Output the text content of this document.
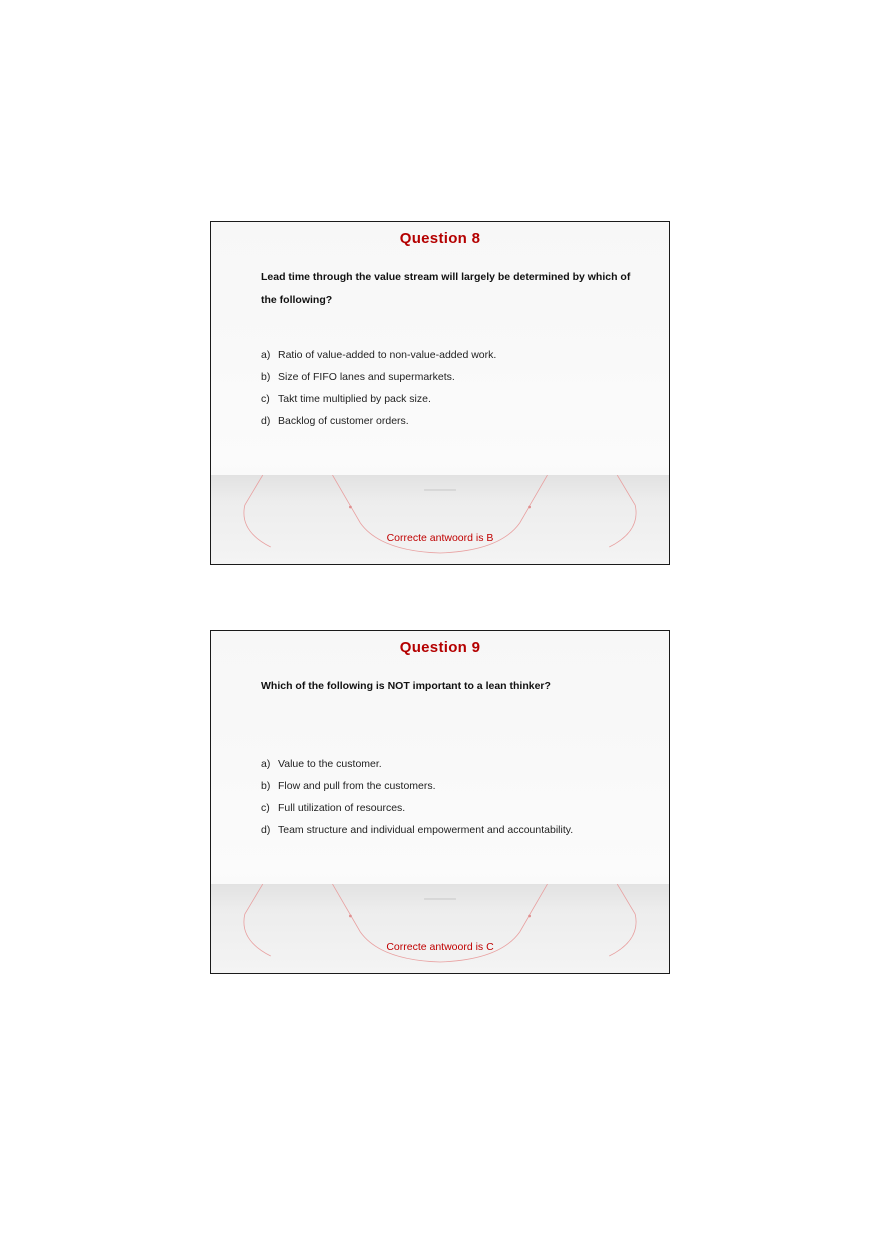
Question 8
Lead time through the value stream will largely be determined by which of the following?
a) Ratio of value-added to non-value-added work.
b) Size of FIFO lanes and supermarkets.
c) Takt time multiplied by pack size.
d) Backlog of customer orders.
Correcte antwoord is B
Question 9
Which of the following is NOT important to a lean thinker?
a) Value to the customer.
b) Flow and pull from the customers.
c) Full utilization of resources.
d) Team structure and individual empowerment and accountability.
Correcte antwoord is C
